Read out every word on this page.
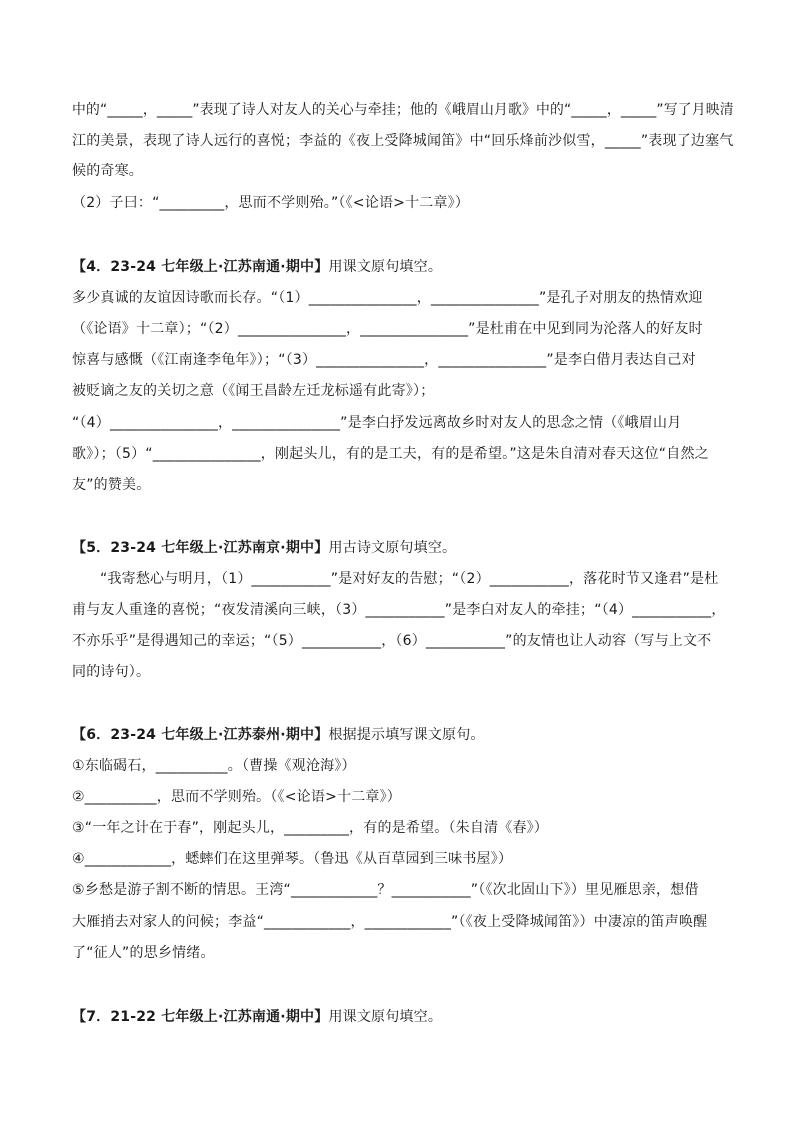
中的“_____，_____”表现了诗人对友人的关心与牵挂；他的《峨眉山月歌》中的“_____，_____”写了月映清
江的美景，表现了诗人远行的喜悦；李益的《夜上受降城闻笛》中“回乐烽前沙似雪，_____”表现了边塞气
候的奇寒。
（2）子曰：“_________，思而不学则殆。”（《<论语>十二章》）
【4．23-24 七年级上·江苏南通·期中】用课文原句填空。
多少真诚的友谊因诗歌而长存。“（1）_______________，_______________”是孔子对朋友的热情欢迎
（《论语》十二章）；“（2）_______________，_______________”是杜甫在中见到同为沦落人的好友时
惊喜与感慨（《江南逢李龟年》）；“（3）_______________，_______________”是李白借月表达自己对
被贬谪之友的关切之意（《闻王昌龄左迁龙标遥有此寄》）；
“（4）_______________，_______________”是李白抒发远离故乡时对友人的思念之情（《峨眉山月
歌》）；（5）“_______________，刚起头儿，有的是工夫，有的是希望。”这是朱自清对春天这位“自然之
友”的赞美。
【5．23-24 七年级上·江苏南京·期中】用古诗文原句填空。
“我寄愁心与明月，（1）___________”是对好友的告慰；“（2）___________，落花时节又逢君”是杜
甫与友人重逢的喜悦；“夜发清溪向三峡，（3）___________”是李白对友人的牵挂；“（4）___________，
不亦乐乎”是得遇知己的幸运；“（5）___________，（6）___________”的友情也让人动容（写与上文不
同的诗句）。
【6．23-24 七年级上·江苏泰州·期中】根据提示填写课文原句。
①东临碣石，__________。（曹操《观沧海》）
②__________，思而不学则殆。（《<论语>十二章》）
③“一年之计在于春”，刚起头儿，_________，有的是希望。（朱自清《春》）
④____________，蟋蟀们在这里弹琴。（鲁迅《从百草园到三味书屋》）
⑤乡愁是游子割不断的情思。王湾“____________？___________”（《次北固山下》）里见雁思亲，想借
大雁捎去对家人的问候；李益“____________，____________”（《夜上受降城闻笛》）中凄凉的笛声唤醒
了“征人”的思乡情绪。
【7．21-22 七年级上·江苏南通·期中】用课文原句填空。
